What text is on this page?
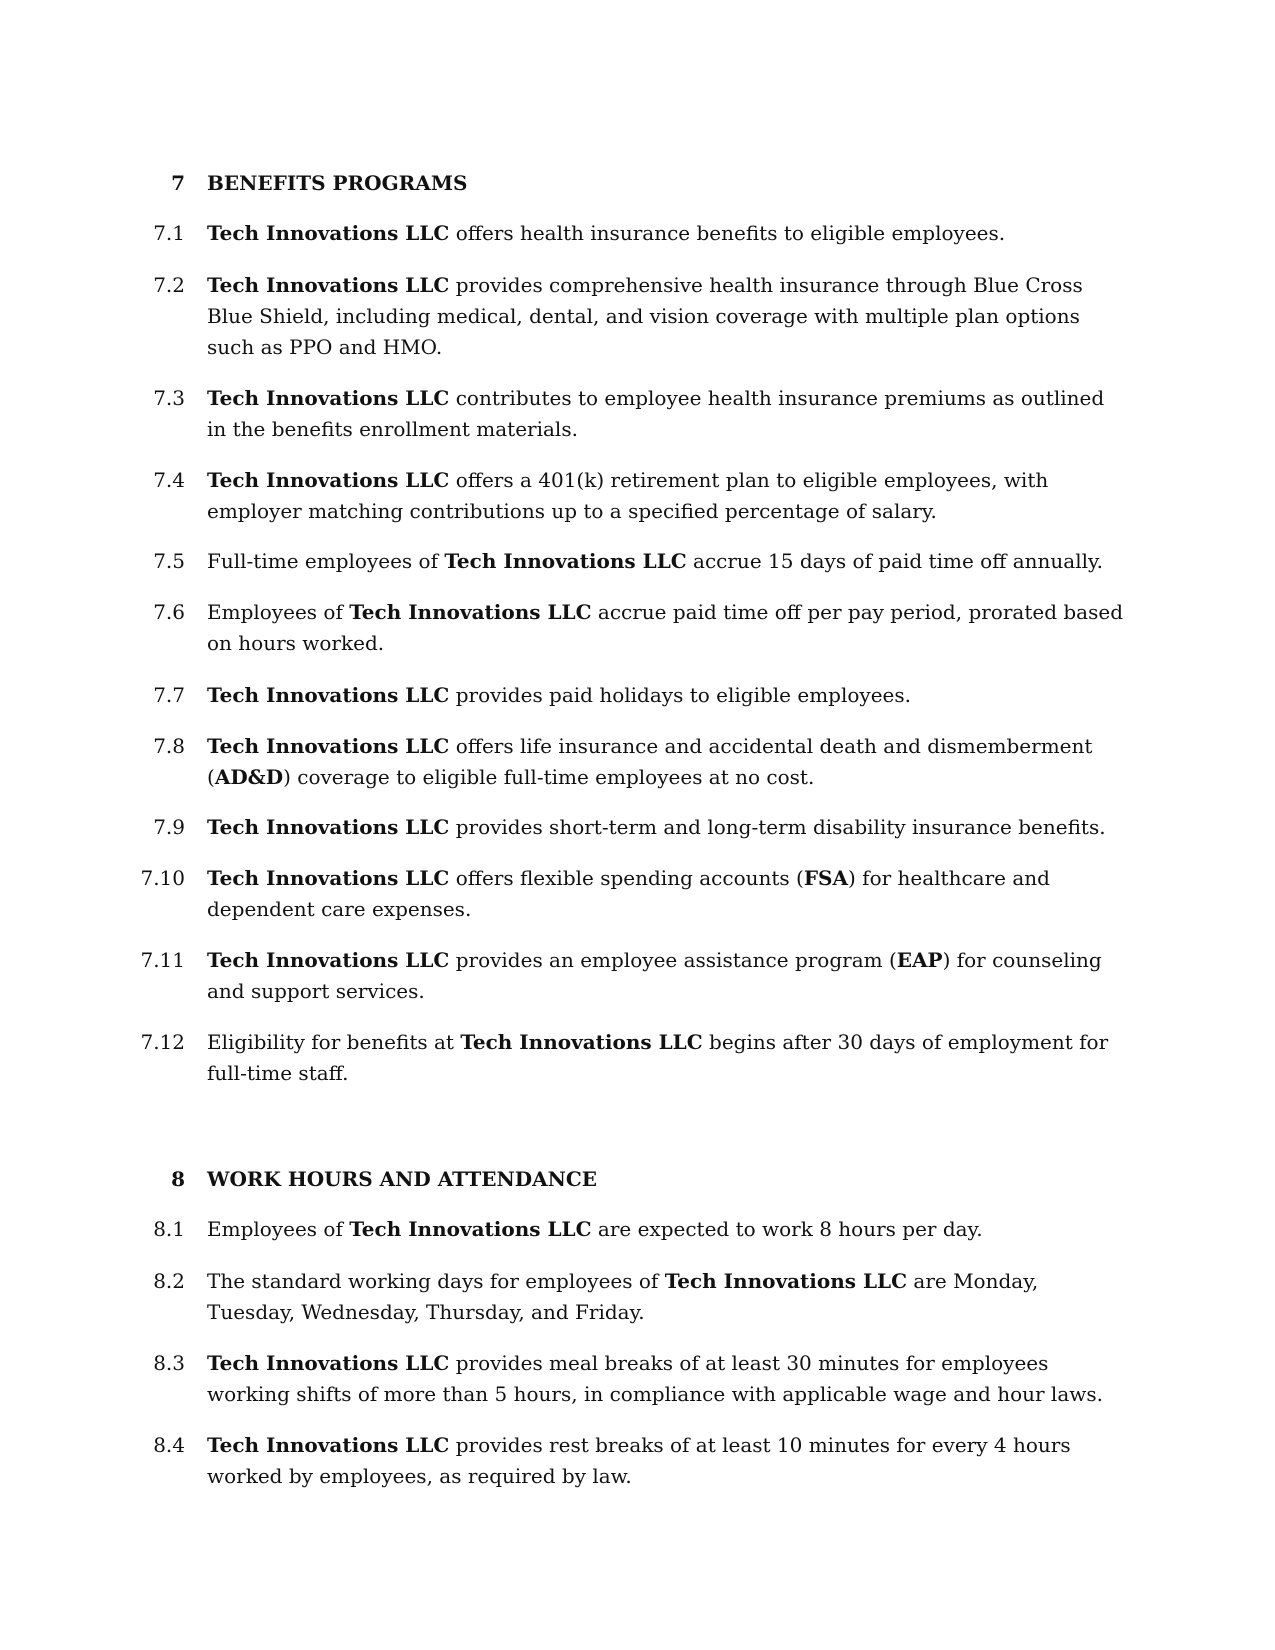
7 BENEFITS PROGRAMS
7.1 Tech Innovations LLC offers health insurance benefits to eligible employees.
7.2 Tech Innovations LLC provides comprehensive health insurance through Blue Cross Blue Shield, including medical, dental, and vision coverage with multiple plan options such as PPO and HMO.
7.3 Tech Innovations LLC contributes to employee health insurance premiums as outlined in the benefits enrollment materials.
7.4 Tech Innovations LLC offers a 401(k) retirement plan to eligible employees, with employer matching contributions up to a specified percentage of salary.
7.5 Full-time employees of Tech Innovations LLC accrue 15 days of paid time off annually.
7.6 Employees of Tech Innovations LLC accrue paid time off per pay period, prorated based on hours worked.
7.7 Tech Innovations LLC provides paid holidays to eligible employees.
7.8 Tech Innovations LLC offers life insurance and accidental death and dismemberment (AD&D) coverage to eligible full-time employees at no cost.
7.9 Tech Innovations LLC provides short-term and long-term disability insurance benefits.
7.10 Tech Innovations LLC offers flexible spending accounts (FSA) for healthcare and dependent care expenses.
7.11 Tech Innovations LLC provides an employee assistance program (EAP) for counseling and support services.
7.12 Eligibility for benefits at Tech Innovations LLC begins after 30 days of employment for full-time staff.
8 WORK HOURS AND ATTENDANCE
8.1 Employees of Tech Innovations LLC are expected to work 8 hours per day.
8.2 The standard working days for employees of Tech Innovations LLC are Monday, Tuesday, Wednesday, Thursday, and Friday.
8.3 Tech Innovations LLC provides meal breaks of at least 30 minutes for employees working shifts of more than 5 hours, in compliance with applicable wage and hour laws.
8.4 Tech Innovations LLC provides rest breaks of at least 10 minutes for every 4 hours worked by employees, as required by law.
